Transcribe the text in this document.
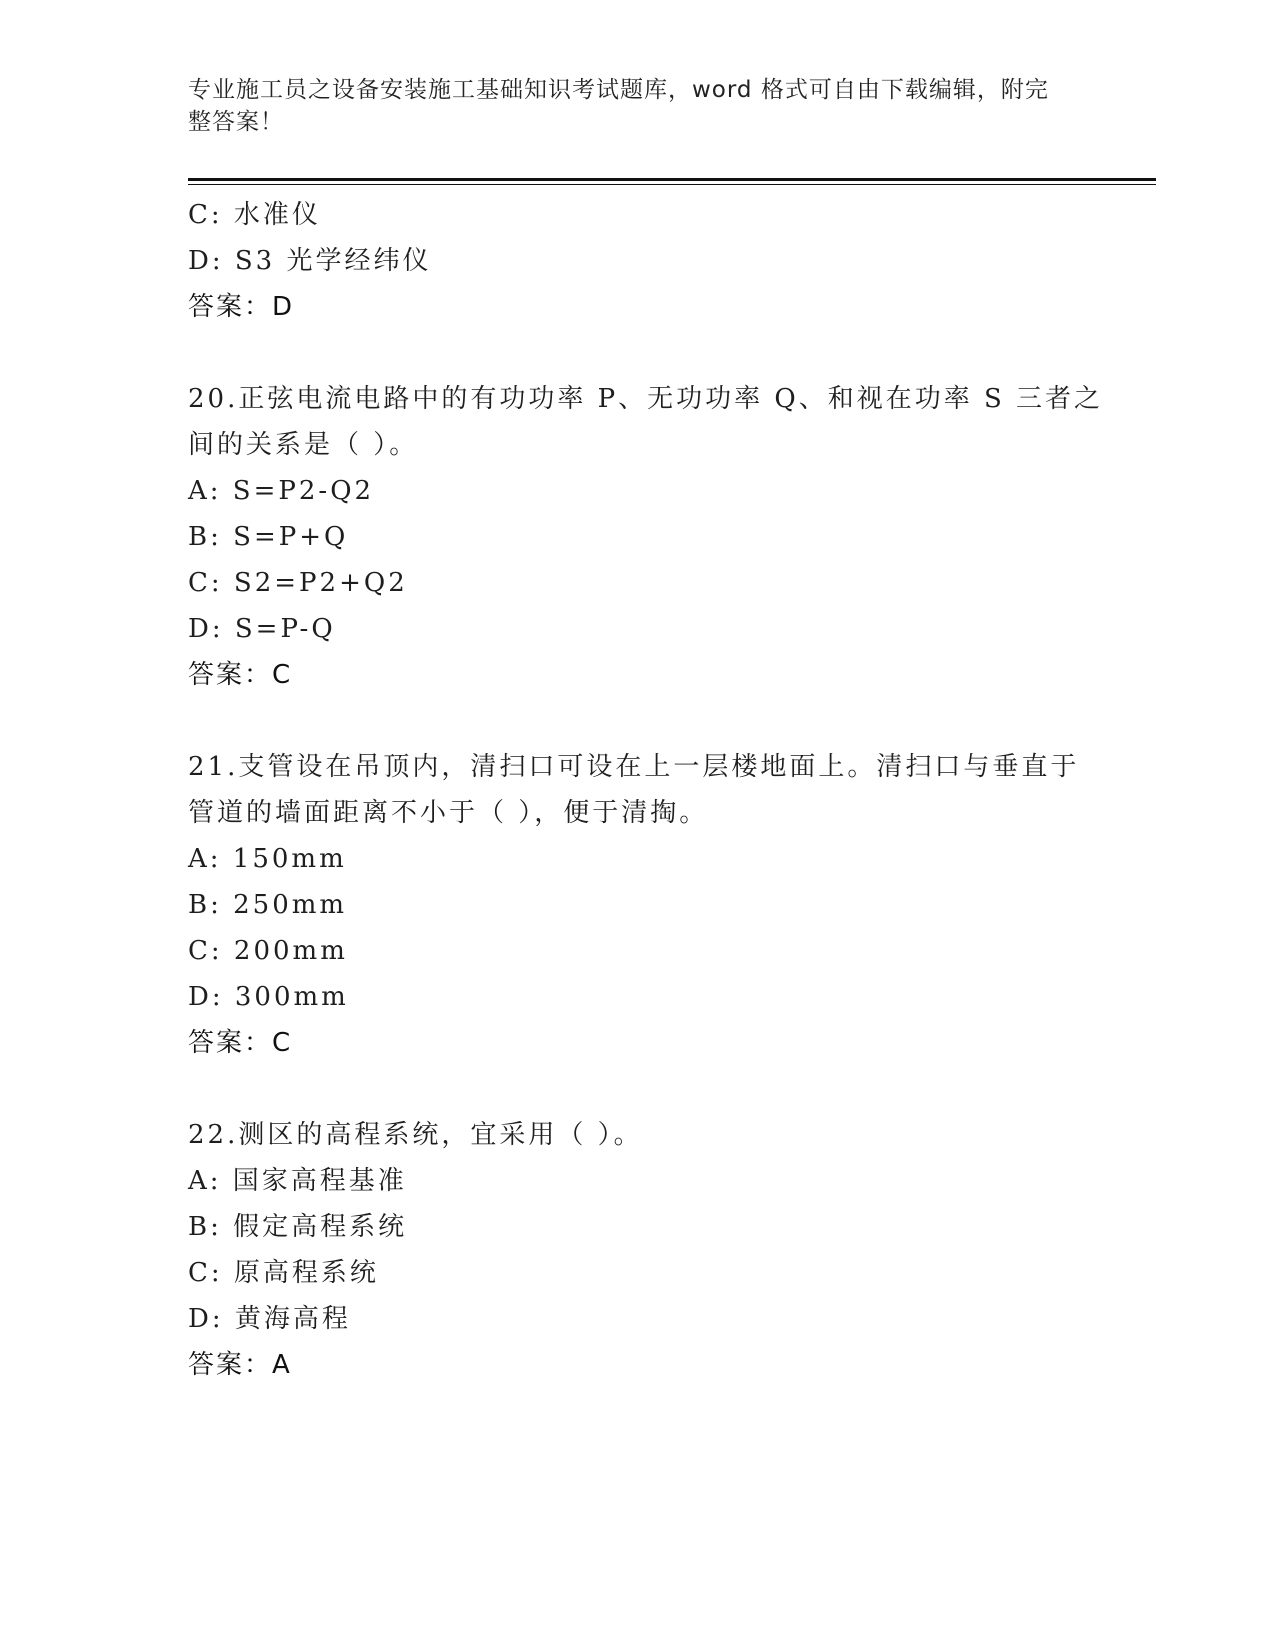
专业施工员之设备安装施工基础知识考试题库，word 格式可自由下载编辑，附完
整答案！
C: 水准仪
D: S3 光学经纬仪
答案：D
20.正弦电流电路中的有功功率 P、无功功率 Q、和视在功率 S 三者之
间的关系是（ ）。
A: S=P2-Q2
B: S=P+Q
C: S2=P2+Q2
D: S=P-Q
答案：C
21.支管设在吊顶内，清扫口可设在上一层楼地面上。清扫口与垂直于
管道的墙面距离不小于（ ），便于清掏。
A: 150mm
B: 250mm
C: 200mm
D: 300mm
答案：C
22.测区的高程系统，宜采用（ ）。
A: 国家高程基准
B: 假定高程系统
C: 原高程系统
D: 黄海高程
答案：A
